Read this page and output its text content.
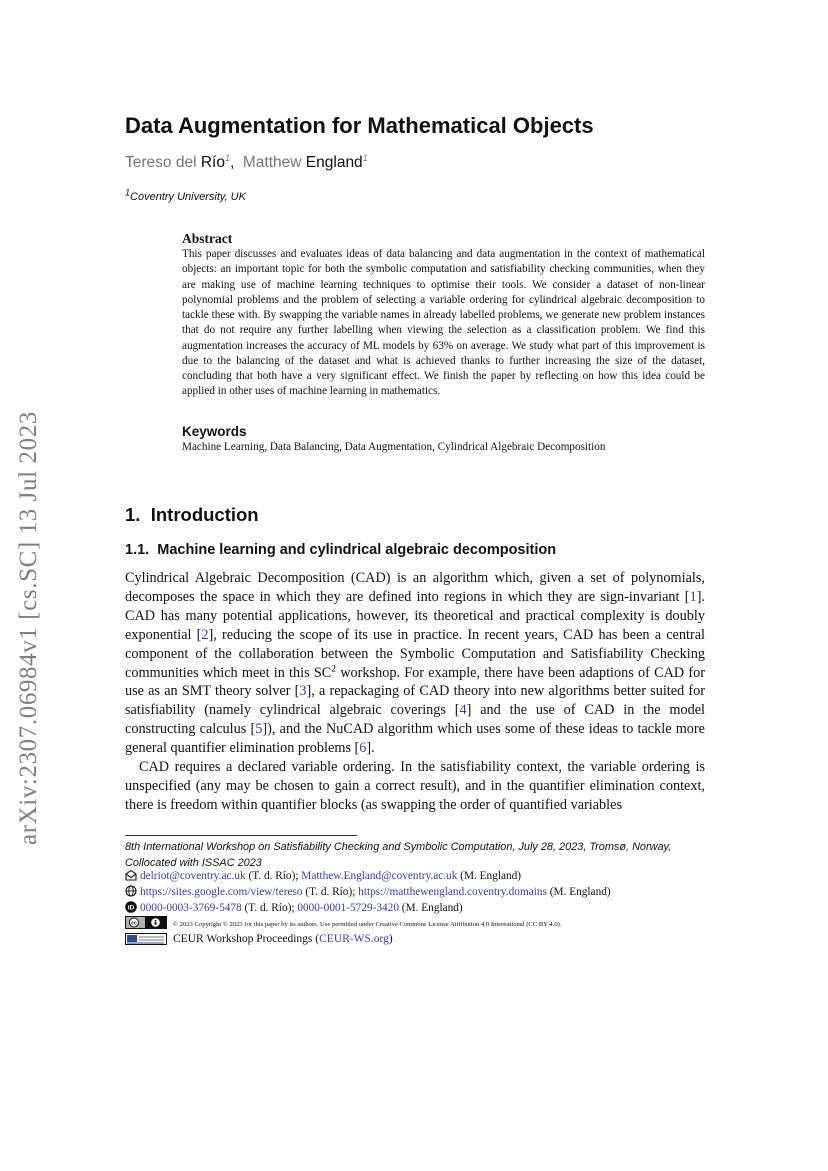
arXiv:2307.06984v1 [cs.SC] 13 Jul 2023
Data Augmentation for Mathematical Objects
Tereso del Río$^1$,  Matthew England$^1$
$^1$Coventry University, UK
Abstract

This paper discusses and evaluates ideas of data balancing and data augmentation in the context of mathematical objects: an important topic for both the symbolic computation and satisfiability checking communities, when they are making use of machine learning techniques to optimise their tools. We consider a dataset of non-linear polynomial problems and the problem of selecting a variable ordering for cylindrical algebraic decomposition to tackle these with. By swapping the variable names in already labelled problems, we generate new problem instances that do not require any further labelling when viewing the selection as a classification problem. We find this augmentation increases the accuracy of ML models by 63% on average. We study what part of this improvement is due to the balancing of the dataset and what is achieved thanks to further increasing the size of the dataset, concluding that both have a very significant effect. We finish the paper by reflecting on how this idea could be applied in other uses of machine learning in mathematics.

Keywords

Machine Learning, Data Balancing, Data Augmentation, Cylindrical Algebraic Decomposition

1. Introduction
1.1. Machine learning and cylindrical algebraic decomposition

Cylindrical Algebraic Decomposition (CAD) is an algorithm which, given a set of polynomials, decomposes the space in which they are defined into regions in which they are sign-invariant [1]. CAD has many potential applications, however, its theoretical and practical complexity is doubly exponential [2], reducing the scope of its use in practice. In recent years, CAD has been a central component of the collaboration between the Symbolic Computation and Satisfiability Checking communities which meet in this $SC^2$ workshop. For example, there have been adaptions of CAD for use as an SMT theory solver [3], a repackaging of CAD theory into new algorithms better suited for satisfiability (namely cylindrical algebraic coverings [4] and the use of CAD in the model constructing calculus [5]), and the NuCAD algorithm which uses some of these ideas to tackle more general quantifier elimination problems [6].

CAD requires a declared variable ordering. In the satisfiability context, the variable ordering is unspecified (any may be chosen to gain a correct result), and in the quantifier elimination context, there is freedom within quantifier blocks (as swapping the order of quantified variables

8th International Workshop on Satisfiability Checking and Symbolic Computation, July 28, 2023, Tromsø, Norway, Collocated with ISSAC 2023
delriot@coventry.ac.uk (T. d. Río); Matthew.England@coventry.ac.uk (M. England)
https://sites.google.com/view/tereso (T. d. Río); https://matthewengland.coventry.domains (M. England)
iD 0000-0003-3769-5478 (T. d. Río); 0000-0001-5729-3420 (M. England)
cc	© 2023 Copyright © 2023 for this paper by its authors. Use permitted under Creative Commons License Attribution 4.0 International (CC BY 4.0).
CEUR Workshop Proceedings (CEUR-WS.org)
